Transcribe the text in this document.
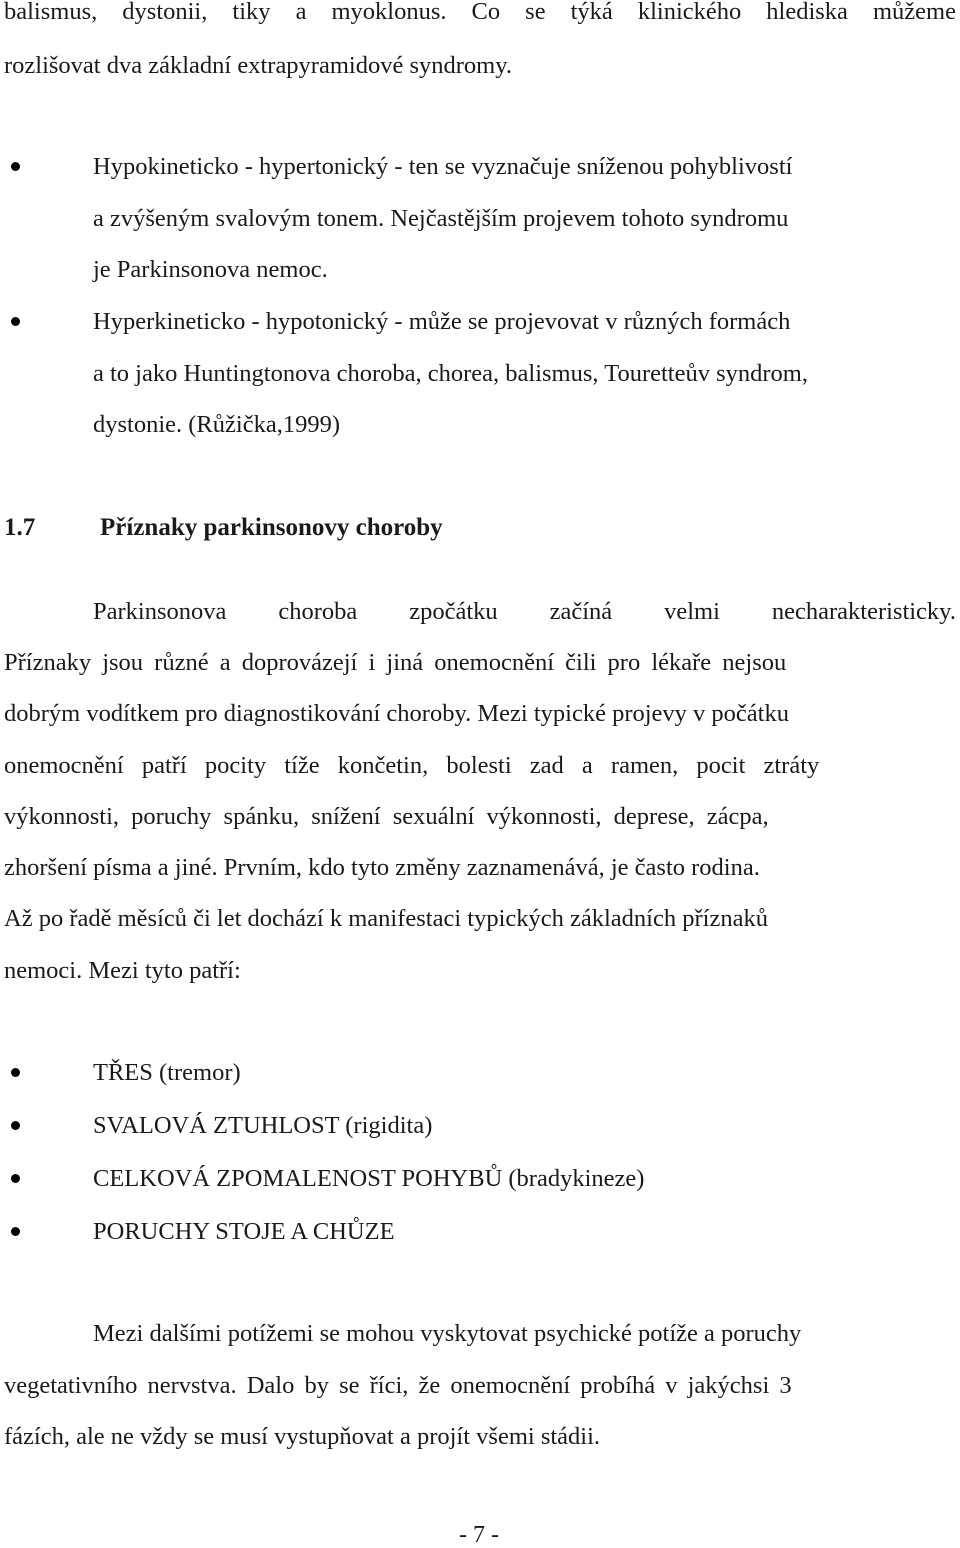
balismus, dystonii, tiky a myoklonus. Co se týká klinického hlediska můžeme
rozlišovat dva základní extrapyramidové syndromy.
Hypokineticko - hypertonický - ten se vyznačuje sníženou pohyblivostí
a zvýšeným svalovým tonem. Nejčastějším projevem tohoto syndromu
je Parkinsonova nemoc.
Hyperkineticko - hypotonický - může se projevovat v různých formách
a to jako Huntingtonova choroba, chorea, balismus, Touretteův syndrom,
dystonie. (Růžička,1999)
1.7	Příznaky parkinsonovy choroby
Parkinsonova choroba zpočátku začíná velmi necharakteristicky.
Příznaky jsou různé a doprovázejí i jiná onemocnění čili pro lékaře nejsou
dobrým vodítkem pro diagnostikování choroby. Mezi typické projevy v počátku
onemocnění patří pocity tíže končetin, bolesti zad a ramen, pocit ztráty
výkonnosti, poruchy spánku, snížení sexuální výkonnosti, deprese, zácpa,
zhoršení písma a jiné. Prvním, kdo tyto změny zaznamenává, je často rodina.
Až po řadě měsíců či let dochází k manifestaci typických základních příznaků
nemoci. Mezi tyto patří:
TŘES (tremor)
SVALOVÁ ZTUHLOST (rigidita)
CELKOVÁ ZPOMALENOST POHYBŮ (bradykineze)
PORUCHY STOJE A CHŮZE
Mezi dalšími potížemi se mohou vyskytovat psychické potíže a poruchy
vegetativního nervstva. Dalo by se říci, že onemocnění probíhá v jakýchsi 3
fázích, ale ne vždy se musí vystupňovat a projít všemi stádii.
- 7 -
